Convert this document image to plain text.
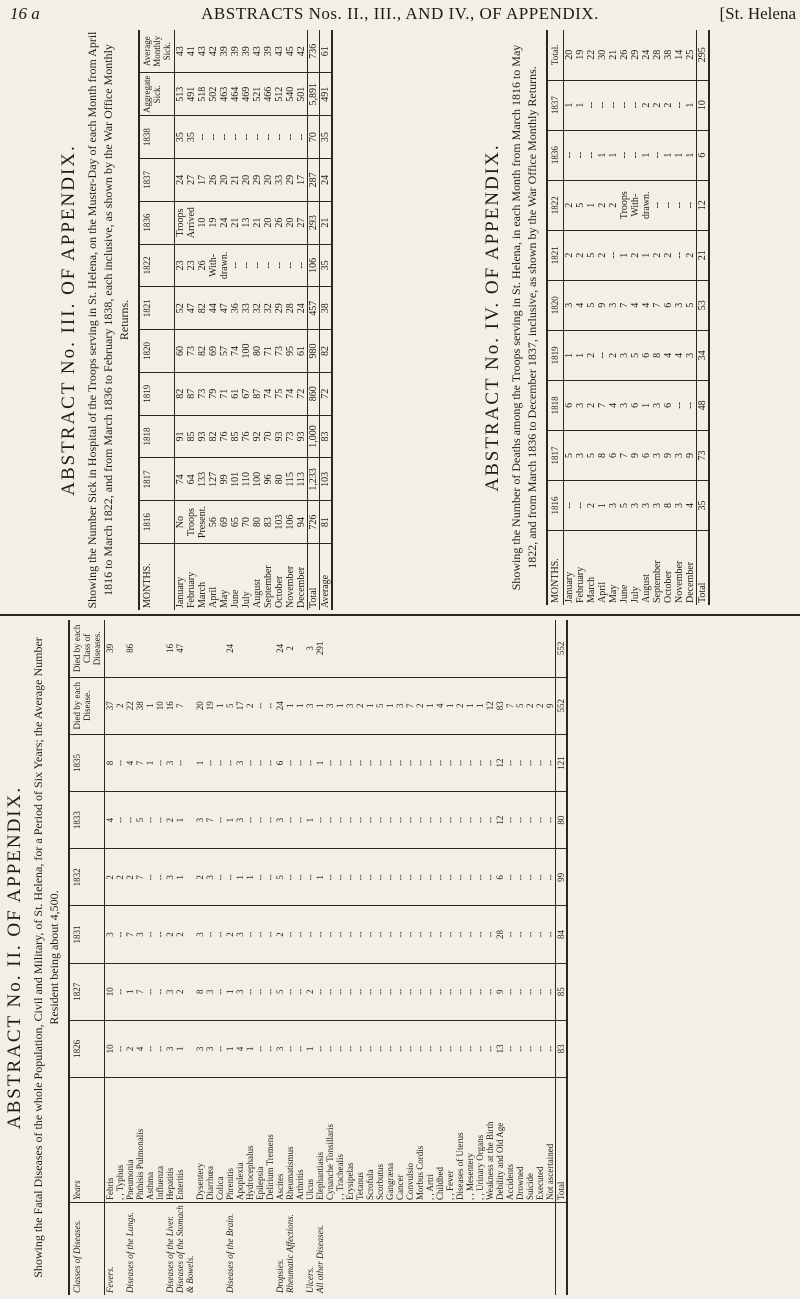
16 a	ABSTRACTS Nos. II., III., AND IV., OF APPENDIX.	[St. Helena
ABSTRACT No. III. OF APPENDIX. Showing the Number Sick in Hospital of the Troops serving in St. Helena, on the Muster-Day of each Month from April 1816 to March 1822, and from March 1836 to February 1838, each inclusive, as shown by the War Office Monthly Returns.

MONTHS.	1816	1817	1818	1819	1820	1821	1822	1836	1837	1838	Aggregate Sick.	Average Monthly Sick.
January	No	74	91	82	60	52	23	Troops	24	35	513	43
February	Troops	64	85	87	73	47	23	Arrived	27	35	491	41
March	Present.	133	93	73	82	82	26	10	17	--	518	43
April	56	127	82	79	69	44	With-	19	26	--	502	42
May	69	99	76	71	57	47	drawn.	24	20	--	463	39
June	65	101	85	61	74	36	--	21	21	--	464	39
July	70	110	76	67	100	33	--	13	20	--	469	39
August	80	100	92	87	80	32	--	21	29	--	521	43
September	83	96	70	74	71	32	--	20	20	--	466	39
October	103	80	93	75	73	29	--	26	33	--	512	43
November	106	115	73	74	95	28	--	20	29	--	540	45
December	94	113	93	72	61	24	--	27	17	--	501	42
Total	726	1,233	1,000	860	980	457	106	293	287	70	5,891	736
Average	81	103	83	72	82	38	35	21	24	35	491	61
ABSTRACT No. IV. OF APPENDIX. Showing the Number of Deaths among the Troops serving in St. Helena, in each Month from March 1816 to May 1822, and from March 1836 to December 1837, inclusive, as shown by the War Office Monthly Returns.

MONTHS.	1816	1817	1818	1819	1820	1821	1822	1836	1837	Total.
January	--	5	6	1	3	2	2	--	1	20
February	--	3	3	1	4	2	5	--	1	19
March	2	5	2	2	5	5	1	--	--	22
April	1	8	7	--	9	2	2	1	--	30
May	3	6	4	2	3	--	2	1	--	21
June	5	7	3	3	7	1	Troops	--	--	26
July	3	9	6	5	4	2	With-	--	--	29
August	3	6	1	6	4	1	drawn.	1	2	24
September	3	3	3	8	7	2	--	--	2	28
October	8	9	6	4	6	2	--	1	2	38
November	3	3	--	4	3	--	--	1	--	14
December	4	9	--	3	5	2	--	1	1	25
Total	35	73	48	34	53	21	12	6	10	295
ABSTRACT No. II. OF APPENDIX. Showing the Fatal Diseases of the whole Population, Civil and Military, of St. Helena, for a Period of Six Years; the Average Number Resident being about 4,500.

Classes of Diseases.	Years	1826	1827	1831	1832	1833	1835	Died by each Disease.	Died by each Class of Diseases.
Fevers.	Febris	10	10	3	2	4	8	37	39
	, , Typhus	--	--	--	2	--	--	2	
Diseases of the Lungs.	Pneumonia	2	1	7	2	--	4	22	86
	Phthisis Pulmonalis	4	7	3	7	5	7	38	
	Asthma	--	--	--	--	--	1	1	
	Influenza	--	--	--	--	--	--	10	
Diseases of the Liver.	Hepatitis	3	3	2	3	2	3	16	16
Diseases of the Stomach & Bowels.	Enteritis	1	2	2	1	1	--	7	47
	Dysentery	3	8	3	2	3	1	20	
	Diarrhœa	3	3	--	3	7	--	19	
	Colica	--	--	--	--	--	--	1	
Diseases of the Brain.	Phrenitis	1	1	2	--	1	--	5	24
	Apoplexia	4	3	3	1	3	3	17	
	Hydrocephalus	1	--	--	1	--	--	2	
	Epilepsia	--	--	--	--	--	--	--	
	Delirium Tremens	--	--	--	--	--	--	--	
Dropsies.	Ascites	3	5	2	5	3	6	24	24
Rheumatic Affections.	Rheumatismus	--	--	--	--	--	--	1	2
	Arthritis	--	--	--	--	--	--	1	
Ulcers.	Ulcus	1	2	--	--	1	--	3	3
All other Diseases.	Elephantiasis	--	--	--	1	--	1	1	291
	Cynanche Tonsillaris	--	--	--	--	--	--	3	
	, , Trachealis	--	--	--	--	--	--	1	
	Erysipelas	--	--	--	--	--	--	3	
	Tetanus	--	--	--	--	--	--	2	
	Scrofula	--	--	--	--	--	--	1	
	Scorbutus	--	--	--	--	--	--	5	
	Gangræna	--	--	--	--	--	--	1	
	Cancer	--	--	--	--	--	--	3	
	Convulsio	--	--	--	--	--	--	7	
	Morbus Cordis	--	--	--	--	--	--	2	
	, , Artri	--	--	--	--	--	--	1	
	Childbed	--	--	--	--	--	--	4	
	, , Fever	--	--	--	--	--	--	1	
	Diseases of Uterus	--	--	--	--	--	--	2	
	, , Mesentery	--	--	--	--	--	--	1	
	, , Urinary Organs	--	--	--	--	--	--	1	
	Weakness at the Birth	--	--	--	--	--	--	12	
	Debility and Old Age	13	9	28	6	12	12	83	
	Accidents	--	--	--	--	--	--	7	
	Drowned	--	--	--	--	--	--	5	
	Suicide	--	--	--	--	--	--	2	
	Executed	--	--	--	--	--	--	2	
	Not ascertained	--	--	--	--	--	--	9	
	Total	83	85	84	99	80	121	552	552
